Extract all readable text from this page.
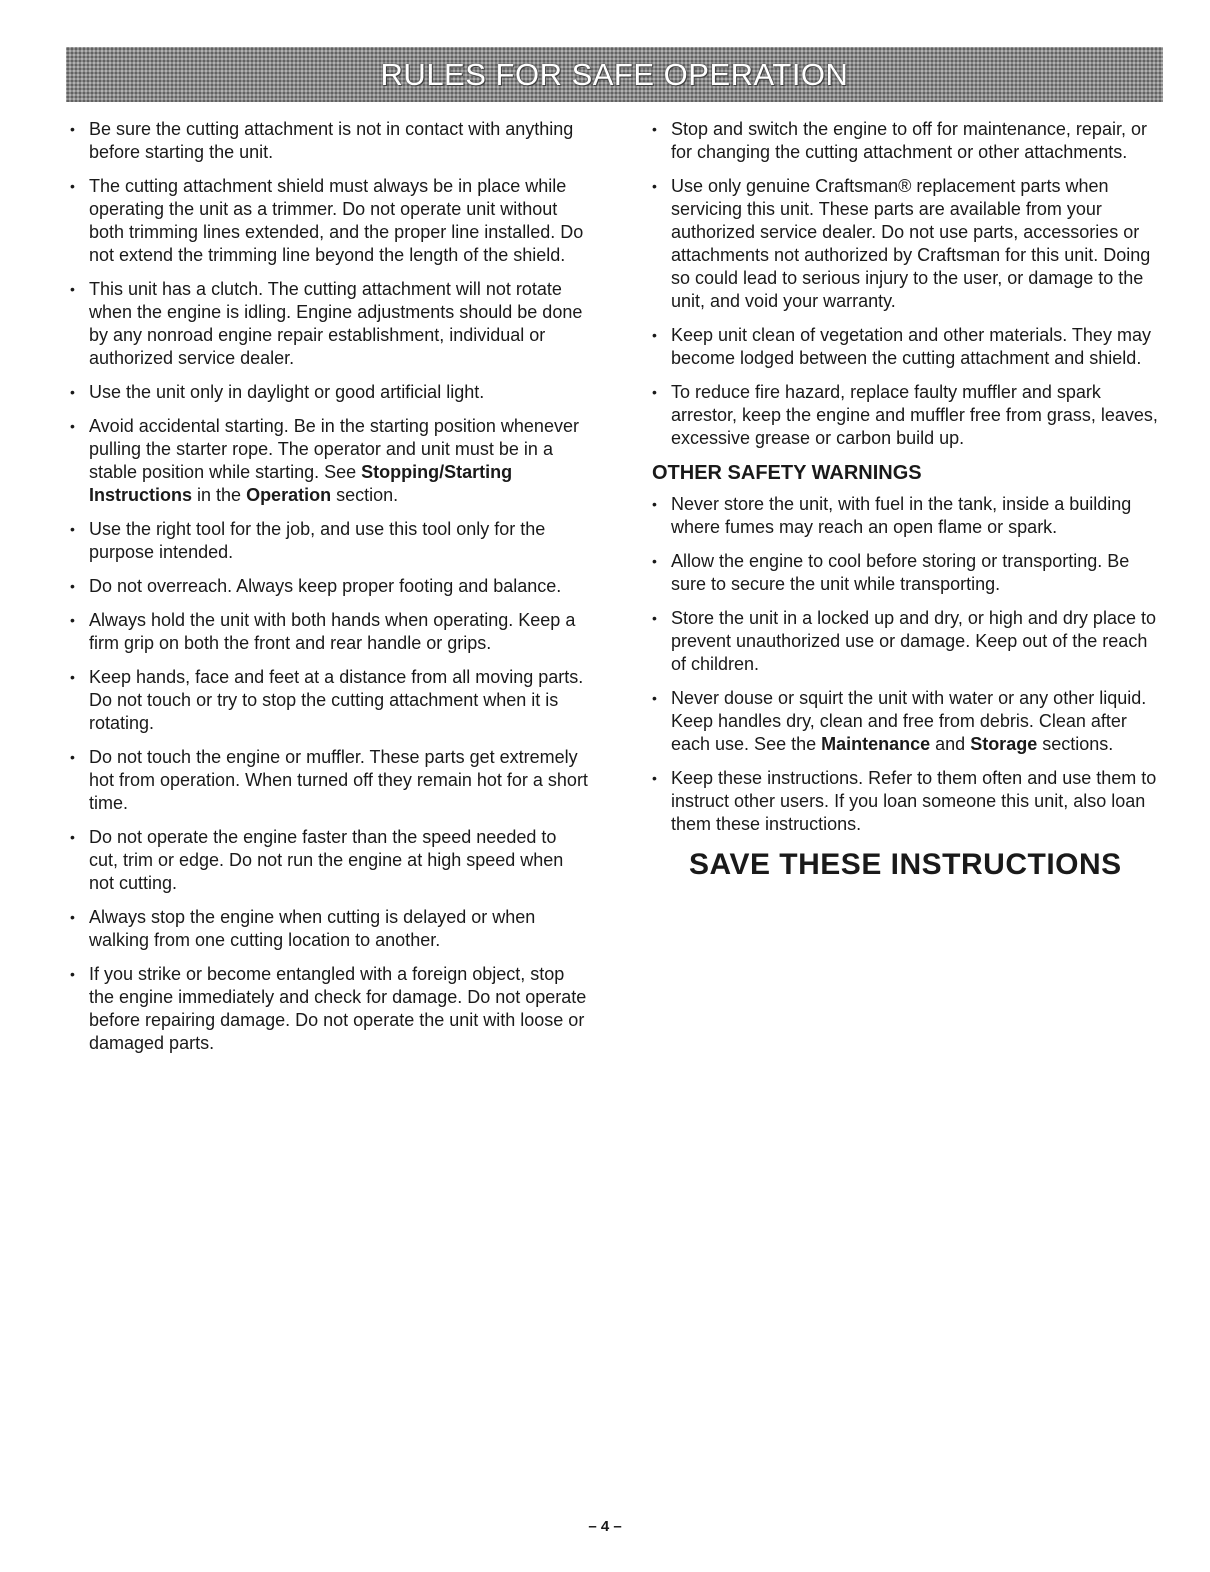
RULES FOR SAFE OPERATION
• Be sure the cutting attachment is not in contact with anything before starting the unit.
• The cutting attachment shield must always be in place while operating the unit as a trimmer. Do not operate unit without both trimming lines extended, and the proper line installed. Do not extend the trimming line beyond the length of the shield.
• This unit has a clutch. The cutting attachment will not rotate when the engine is idling. Engine adjustments should be done by any nonroad engine repair establishment, individual or authorized service dealer.
• Use the unit only in daylight or good artificial light.
• Avoid accidental starting. Be in the starting position whenever pulling the starter rope. The operator and unit must be in a stable position while starting. See Stopping/Starting Instructions in the Operation section.
• Use the right tool for the job, and use this tool only for the purpose intended.
• Do not overreach. Always keep proper footing and balance.
• Always hold the unit with both hands when operating. Keep a firm grip on both the front and rear handle or grips.
• Keep hands, face and feet at a distance from all moving parts. Do not touch or try to stop the cutting attachment when it is rotating.
• Do not touch the engine or muffler. These parts get extremely hot from operation. When turned off they remain hot for a short time.
• Do not operate the engine faster than the speed needed to cut, trim or edge. Do not run the engine at high speed when not cutting.
• Always stop the engine when cutting is delayed or when walking from one cutting location to another.
• If you strike or become entangled with a foreign object, stop the engine immediately and check for damage. Do not operate before repairing damage. Do not operate the unit with loose or damaged parts.
• Stop and switch the engine to off for maintenance, repair, or for changing the cutting attachment or other attachments.
• Use only genuine Craftsman® replacement parts when servicing this unit. These parts are available from your authorized service dealer. Do not use parts, accessories or attachments not authorized by Craftsman for this unit. Doing so could lead to serious injury to the user, or damage to the unit, and void your warranty.
• Keep unit clean of vegetation and other materials. They may become lodged between the cutting attachment and shield.
• To reduce fire hazard, replace faulty muffler and spark arrestor, keep the engine and muffler free from grass, leaves, excessive grease or carbon build up.
OTHER SAFETY WARNINGS
• Never store the unit, with fuel in the tank, inside a building where fumes may reach an open flame or spark.
• Allow the engine to cool before storing or transporting. Be sure to secure the unit while transporting.
• Store the unit in a locked up and dry, or high and dry place to prevent unauthorized use or damage. Keep out of the reach of children.
• Never douse or squirt the unit with water or any other liquid. Keep handles dry, clean and free from debris. Clean after each use. See the Maintenance and Storage sections.
• Keep these instructions. Refer to them often and use them to instruct other users. If you loan someone this unit, also loan them these instructions.
SAVE THESE INSTRUCTIONS
– 4 –
